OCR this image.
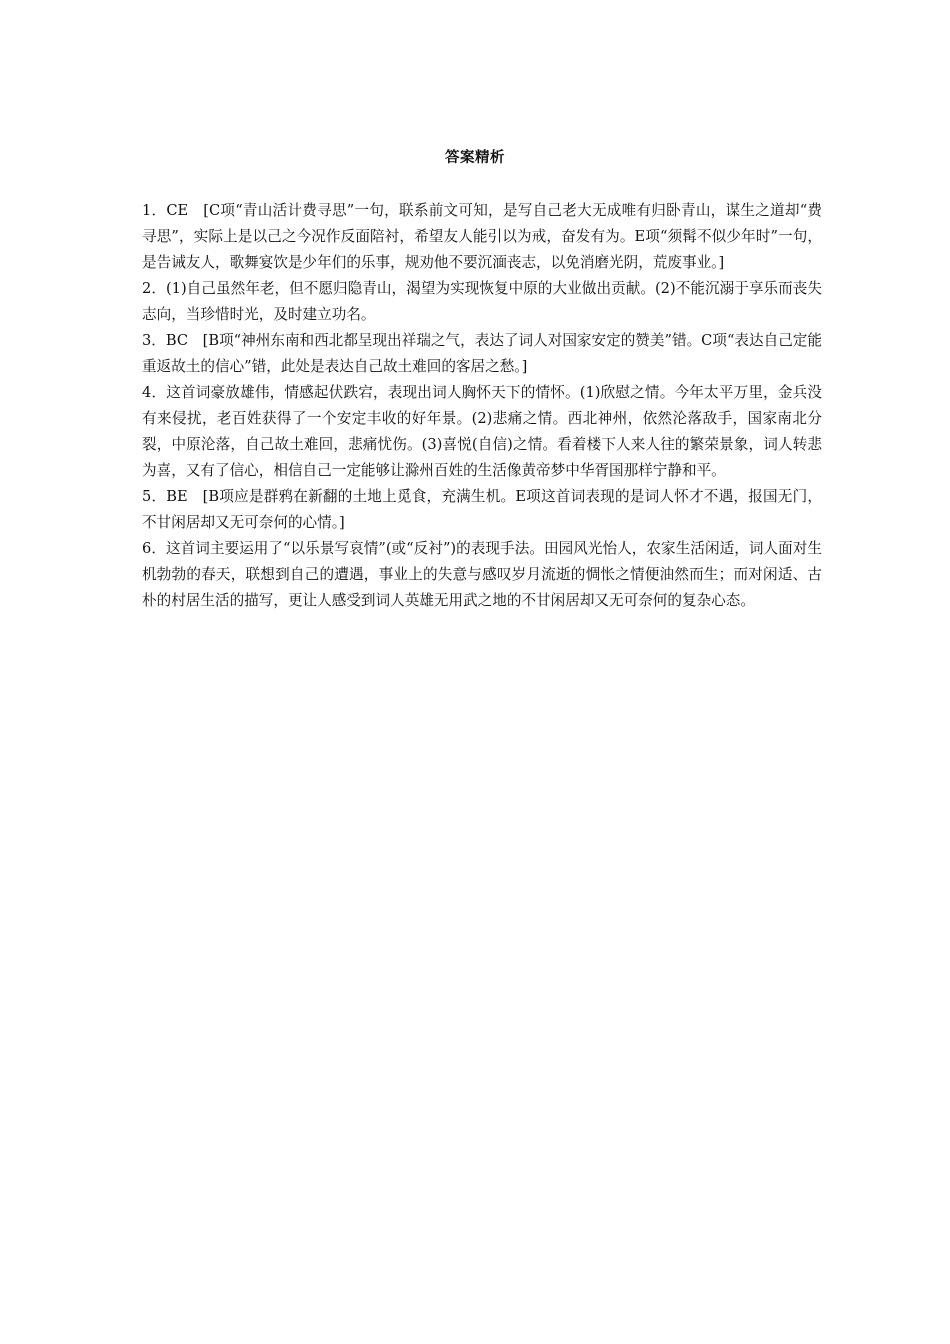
答案精析

1．CE　[C项“青山活计费寻思”一句，联系前文可知，是写自己老大无成唯有归卧青山，谋生之道却“费寻思”，实际上是以己之今况作反面陪衬，希望友人能引以为戒，奋发有为。E项“须髯不似少年时”一句，是告诫友人，歌舞宴饮是少年们的乐事，规劝他不要沉湎丧志，以免消磨光阴，荒废事业。]

2．(1)自己虽然年老，但不愿归隐青山，渴望为实现恢复中原的大业做出贡献。(2)不能沉溺于享乐而丧失志向，当珍惜时光，及时建立功名。

3．BC　[B项“神州东南和西北都呈现出祥瑞之气，表达了词人对国家安定的赞美”错。C项“表达自己定能重返故土的信心”错，此处是表达自己故土难回的客居之愁。]

4．这首词豪放雄伟，情感起伏跌宕，表现出词人胸怀天下的情怀。(1)欣慰之情。今年太平万里，金兵没有来侵扰，老百姓获得了一个安定丰收的好年景。(2)悲痛之情。西北神州，依然沦落敌手，国家南北分裂，中原沦落，自己故土难回，悲痛忧伤。(3)喜悦(自信)之情。看着楼下人来人往的繁荣景象，词人转悲为喜，又有了信心，相信自己一定能够让滁州百姓的生活像黄帝梦中华胥国那样宁静和平。

5．BE　[B项应是群鸦在新翻的土地上觅食，充满生机。E项这首词表现的是词人怀才不遇，报国无门，不甘闲居却又无可奈何的心情。]

6．这首词主要运用了“以乐景写哀情”(或“反衬”)的表现手法。田园风光怡人，农家生活闲适，词人面对生机勃勃的春天，联想到自己的遭遇，事业上的失意与感叹岁月流逝的惆怅之情便油然而生；而对闲适、古朴的村居生活的描写，更让人感受到词人英雄无用武之地的不甘闲居却又无可奈何的复杂心态。
